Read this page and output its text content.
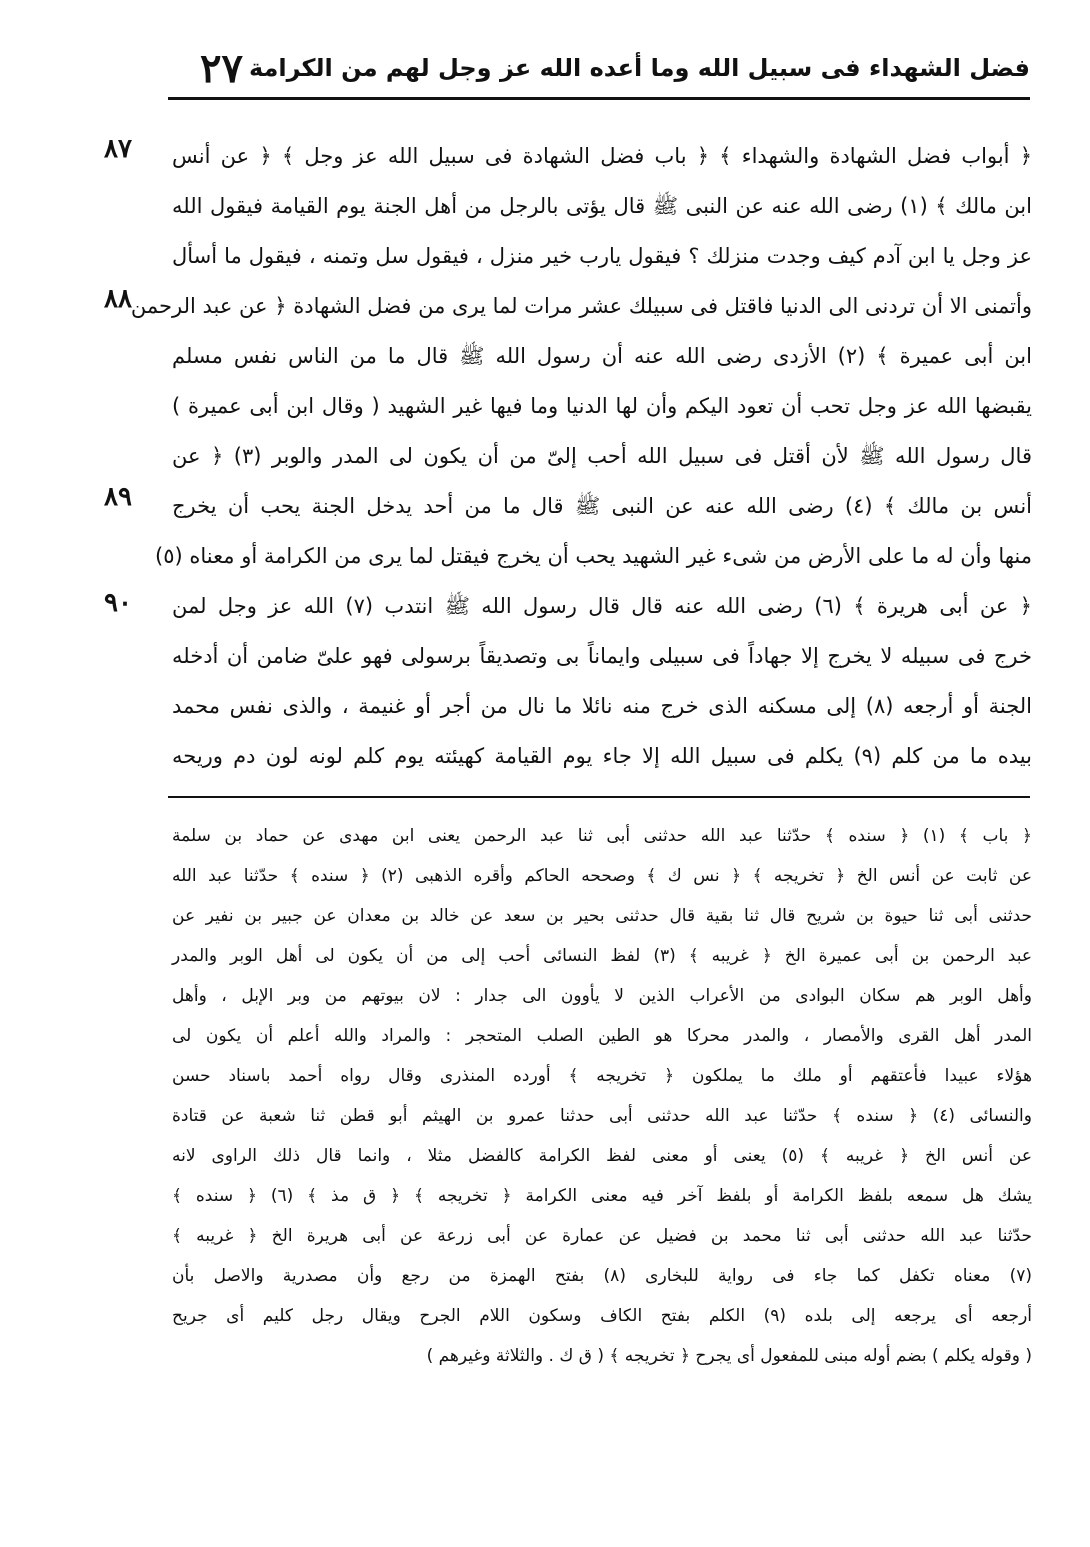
٢٧ فضل الشهداء فى سبيل الله وما أعده الله عز وجل لهم من الكرامة
٨٧
٨٨
٨٩
٩٠
﴿ أبواب فضل الشهادة والشهداء ﴾ ﴿ باب فضل الشهادة فى سبيل الله عز وجل ﴾ ﴿ عن أنس
ابن مالك ﴾ (١) رضى الله عنه عن النبى ﷺ قال يؤتى بالرجل من أهل الجنة يوم القيامة فيقول الله
عز وجل يا ابن آدم كيف وجدت منزلك ؟ فيقول يارب خير منزل ، فيقول سل وتمنه ، فيقول ما أسأل
وأتمنى الا أن تردنى الى الدنيا فاقتل فى سبيلك عشر مرات لما يرى من فضل الشهادة ﴿ عن عبد الرحمن
ابن أبى عميرة ﴾ (٢) الأزدى رضى الله عنه أن رسول الله ﷺ قال ما من الناس نفس مسلم
يقبضها الله عز وجل تحب أن تعود اليكم وأن لها الدنيا وما فيها غير الشهيد ( وقال ابن أبى عميرة )
قال رسول الله ﷺ لأن أقتل فى سبيل الله أحب إلىّ من أن يكون لى المدر والوبر (٣) ﴿ عن
أنس بن مالك ﴾ (٤) رضى الله عنه عن النبى ﷺ قال ما من أحد يدخل الجنة يحب أن يخرج
منها وأن له ما على الأرض من شىء غير الشهيد يحب أن يخرج فيقتل لما يرى من الكرامة أو معناه (٥)
﴿ عن أبى هريرة ﴾ (٦) رضى الله عنه قال قال رسول الله ﷺ انتدب (٧) الله عز وجل لمن
خرج فى سبيله لا يخرج إلا جهاداً فى سبيلى وايماناً بى وتصديقاً برسولى فهو علىّ ضامن أن أدخله
الجنة أو أرجعه (٨) إلى مسكنه الذى خرج منه نائلا ما نال من أجر أو غنيمة ، والذى نفس محمد
بيده ما من كلم (٩) يكلم فى سبيل الله إلا جاء يوم القيامة كهيئته يوم كلم لونه لون دم وريحه
﴿ باب ﴾ (١) ﴿ سنده ﴾ حدّثنا عبد الله حدثنى أبى ثنا عبد الرحمن يعنى ابن مهدى عن حماد بن سلمة
عن ثابت عن أنس الخ ﴿ تخريجه ﴾ ﴿ نس ك ﴾ وصححه الحاكم وأقره الذهبى (٢) ﴿ سنده ﴾ حدّثنا عبد الله
حدثنى أبى ثنا حيوة بن شريح قال ثنا بقية قال حدثنى بحير بن سعد عن خالد بن معدان عن جبير بن نفير عن
عبد الرحمن بن أبى عميرة الخ ﴿ غريبه ﴾ (٣) لفظ النسائى أحب إلى من أن يكون لى أهل الوبر والمدر
وأهل الوبر هم سكان البوادى من الأعراب الذين لا يأوون الى جدار : لان بيوتهم من وبر الإبل ، وأهل
المدر أهل القرى والأمصار ، والمدر محركا هو الطين الصلب المتحجر : والمراد والله أعلم أن يكون لى
هؤلاء عبيدا فأعتقهم أو ملك ما يملكون ﴿ تخريجه ﴾ أورده المنذرى وقال رواه أحمد باسناد حسن
والنسائى (٤) ﴿ سنده ﴾ حدّثنا عبد الله حدثنى أبى حدثنا عمرو بن الهيثم أبو قطن ثنا شعبة عن قتادة
عن أنس الخ ﴿ غريبه ﴾ (٥) يعنى أو معنى لفظ الكرامة كالفضل مثلا ، وانما قال ذلك الراوى لانه
يشك هل سمعه بلفظ الكرامة أو بلفظ آخر فيه معنى الكرامة ﴿ تخريجه ﴾ ﴿ ق مذ ﴾ (٦) ﴿ سنده ﴾
حدّثنا عبد الله حدثنى أبى ثنا محمد بن فضيل عن عمارة عن أبى زرعة عن أبى هريرة الخ ﴿ غريبه ﴾
(٧) معناه تكفل كما جاء فى رواية للبخارى (٨) بفتح الهمزة من رجع وأن مصدرية والاصل بأن
أرجعه أى يرجعه إلى بلده (٩) الكلم بفتح الكاف وسكون اللام الجرح ويقال رجل كليم أى جريح
( وقوله يكلم ) بضم أوله مبنى للمفعول أى يجرح ﴿ تخريجه ﴾ ( ق ك . والثلاثة وغيرهم )
